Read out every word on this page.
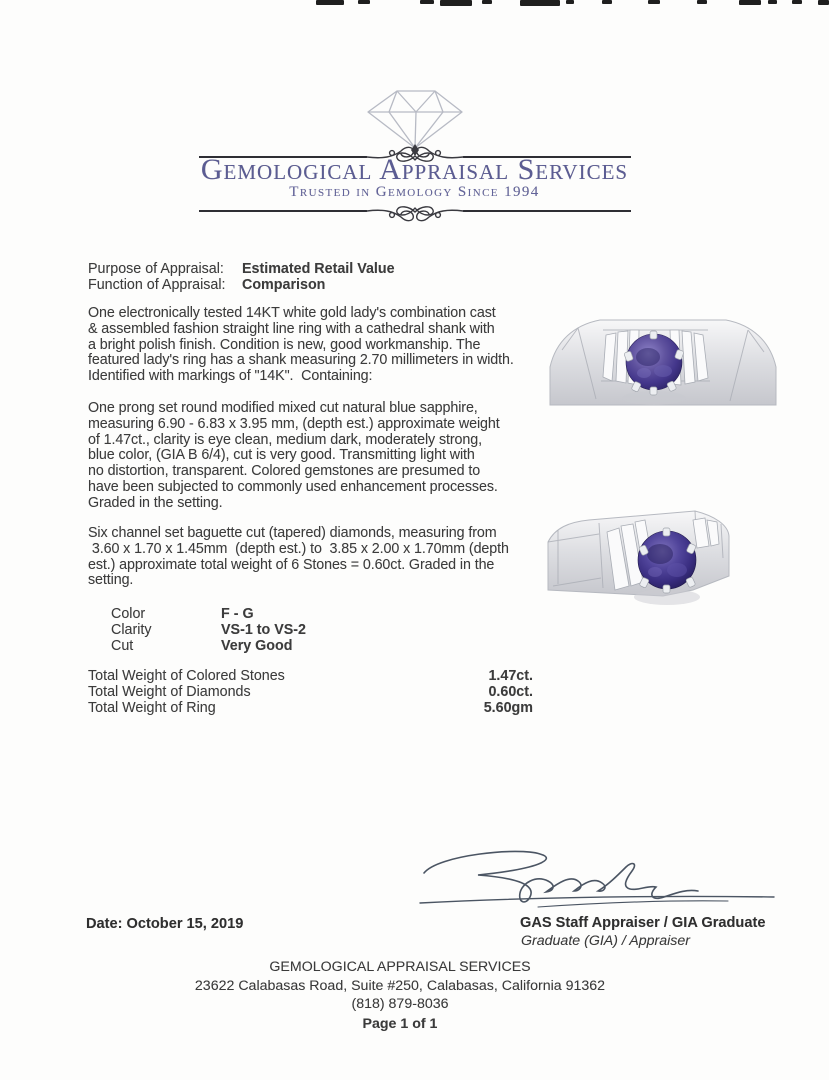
Gemological Appraisal Services
Trusted in Gemology Since 1994
Purpose of Appraisal:	Estimated Retail Value
Function of Appraisal:	Comparison
One electronically tested 14KT white gold lady's combination cast
& assembled fashion straight line ring with a cathedral shank with
a bright polish finish. Condition is new, good workmanship. The
featured lady's ring has a shank measuring 2.70 millimeters in width.
Identified with markings of "14K".  Containing:
One prong set round modified mixed cut natural blue sapphire,
measuring 6.90 - 6.83 x 3.95 mm, (depth est.) approximate weight
of 1.47ct., clarity is eye clean, medium dark, moderately strong,
blue color, (GIA B 6/4), cut is very good. Transmitting light with
no distortion, transparent. Colored gemstones are presumed to
have been subjected to commonly used enhancement processes.
Graded in the setting.
Six channel set baguette cut (tapered) diamonds, measuring from
3.60 x 1.70 x 1.45mm  (depth est.) to  3.85 x 2.00 x 1.70mm (depth
est.) approximate total weight of 6 Stones = 0.60ct. Graded in the
setting.
Color	F - G
Clarity	VS-1 to VS-2
Cut	Very Good
Total Weight of Colored Stones	1.47ct.
Total Weight of Diamonds	0.60ct.
Total Weight of Ring	5.60gm
Date: October 15, 2019	GAS Staff Appraiser / GIA Graduate
Graduate (GIA) / Appraiser
GEMOLOGICAL APPRAISAL SERVICES
23622 Calabasas Road, Suite #250, Calabasas, California 91362
(818) 879-8036
Page 1 of 1
